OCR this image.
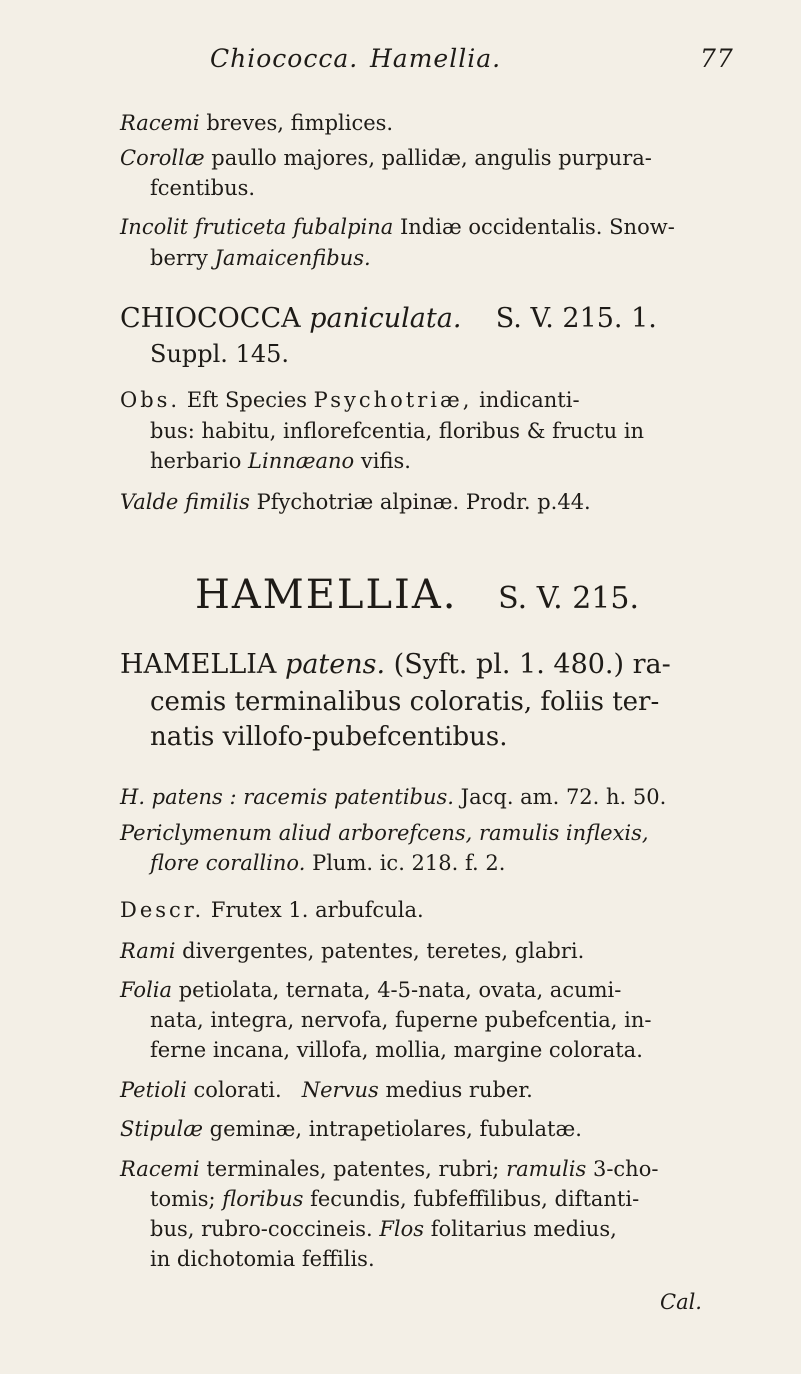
Chiococca. Hamellia.	77
Racemi breves, fimplices.
Corollæ paullo majores, pallidæ, angulis purpura-
fcentibus.
Incolit fruticeta fubalpina Indiæ occidentalis. Snow-
berry Jamaicenfibus.
CHIOCOCCA paniculata. S. V. 215. 1.
Suppl. 145.
Obs. Eft Species Psychotriæ, indicanti-
bus: habitu, inflorefcentia, floribus & fructu in
herbario Linnæano vifis.
Valde fimilis Pfychotriæ alpinæ. Prodr. p.44.
HAMELLIA. S. V. 215.
HAMELLIA patens. (Syft. pl. 1. 480.) ra-
cemis terminalibus coloratis, foliis ter-
natis villofo-pubefcentibus.
H. patens : racemis patentibus. Jacq. am. 72. h. 50.
Periclymenum aliud arborefcens, ramulis inflexis,
flore corallino. Plum. ic. 218. f. 2.
Descr. Frutex 1. arbufcula.
Rami divergentes, patentes, teretes, glabri.
Folia petiolata, ternata, 4-5-nata, ovata, acumi-
nata, integra, nervofa, fuperne pubefcentia, in-
ferne incana, villofa, mollia, margine colorata.
Petioli colorati. Nervus medius ruber.
Stipulæ geminæ, intrapetiolares, fubulatæ.
Racemi terminales, patentes, rubri; ramulis 3-cho-
tomis; floribus fecundis, fubfeffilibus, diftanti-
bus, rubro-coccineis. Flos folitarius medius,
in dichotomia feffilis.
Cal.
